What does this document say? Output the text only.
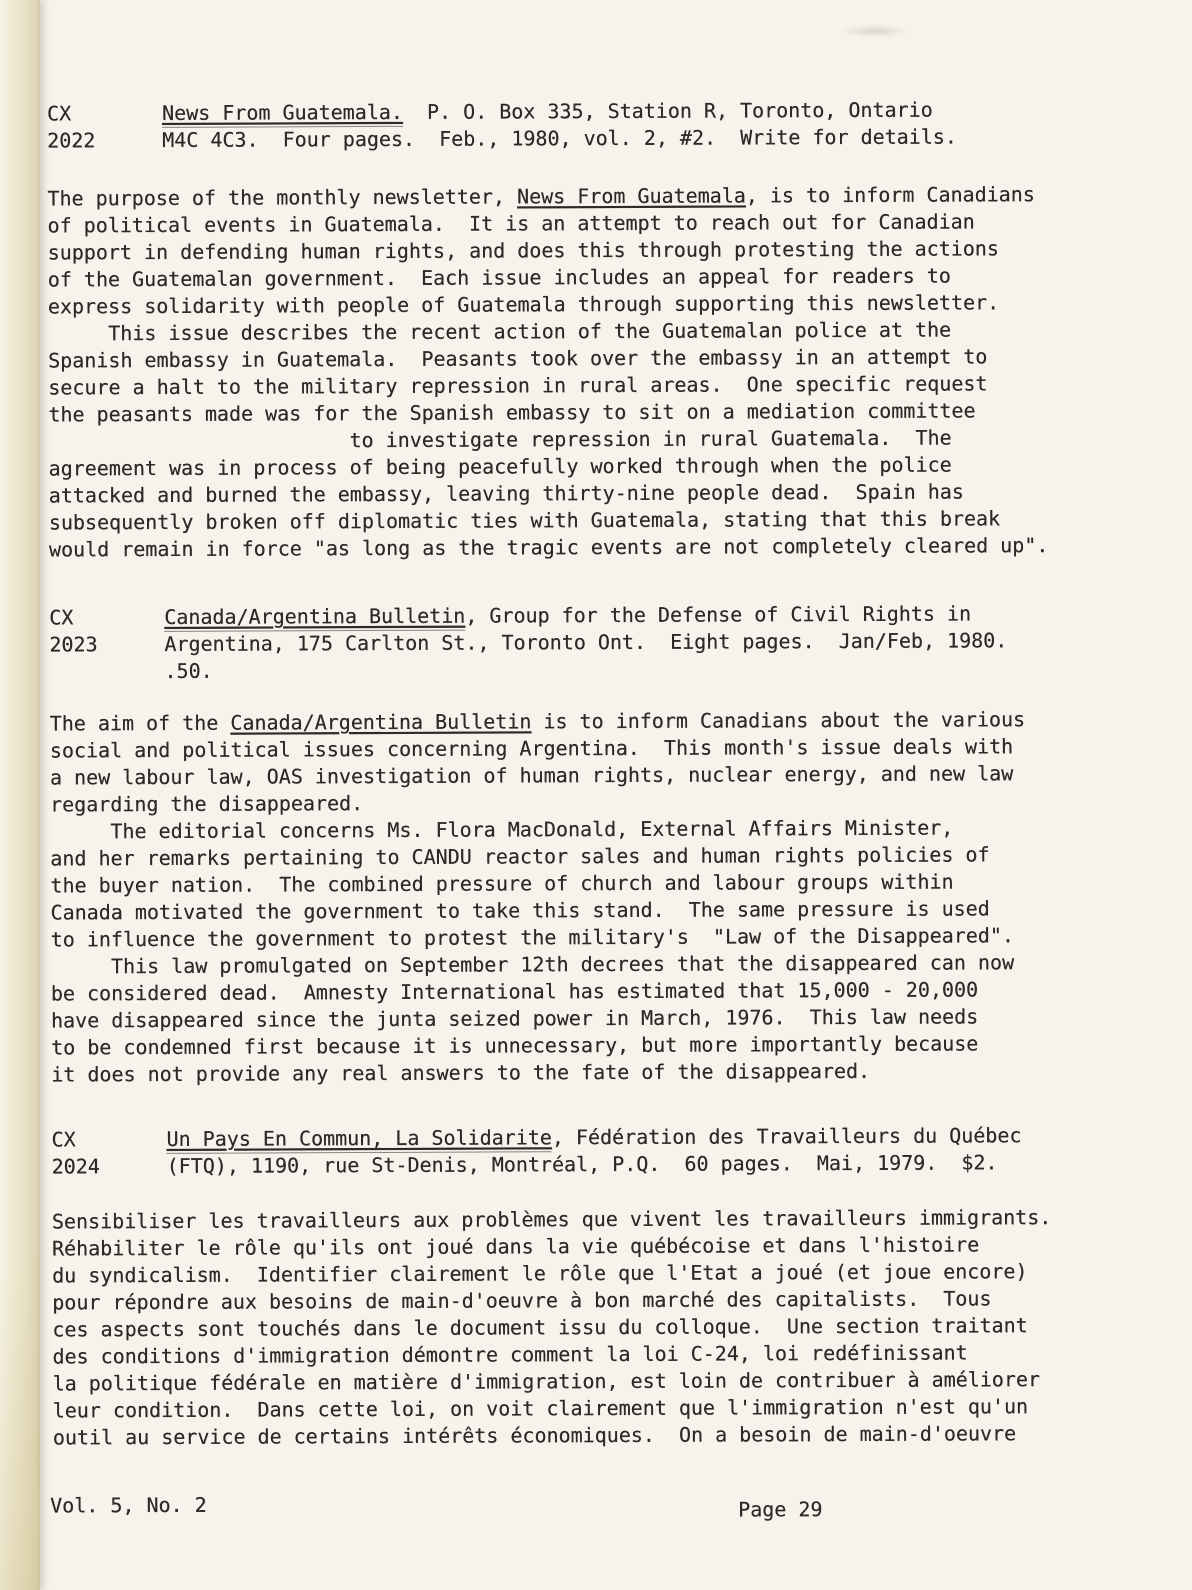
CX
2022
News From Guatemala.  P. O. Box 335, Station R, Toronto, Ontario
M4C 4C3.  Four pages.  Feb., 1980, vol. 2, #2.  Write for details.
The purpose of the monthly newsletter, News From Guatemala, is to inform Canadians
of political events in Guatemala.  It is an attempt to reach out for Canadian
support in defending human rights, and does this through protesting the actions
of the Guatemalan government.  Each issue includes an appeal for readers to
express solidarity with people of Guatemala through supporting this newsletter.
This issue describes the recent action of the Guatemalan police at the
Spanish embassy in Guatemala.  Peasants took over the embassy in an attempt to
secure a halt to the military repression in rural areas.  One specific request
the peasants made was for the Spanish embassy to sit on a mediation committee
to investigate repression in rural Guatemala.  The
agreement was in process of being peacefully worked through when the police
attacked and burned the embassy, leaving thirty-nine people dead.  Spain has
subsequently broken off diplomatic ties with Guatemala, stating that this break
would remain in force "as long as the tragic events are not completely cleared up".
CX
2023
Canada/Argentina Bulletin, Group for the Defense of Civil Rights in
Argentina, 175 Carlton St., Toronto Ont.  Eight pages.  Jan/Feb, 1980.
.50.
The aim of the Canada/Argentina Bulletin is to inform Canadians about the various
social and political issues concerning Argentina.  This month's issue deals with
a new labour law, OAS investigation of human rights, nuclear energy, and new law
regarding the disappeared.
The editorial concerns Ms. Flora MacDonald, External Affairs Minister,
and her remarks pertaining to CANDU reactor sales and human rights policies of
the buyer nation.  The combined pressure of church and labour groups within
Canada motivated the government to take this stand.  The same pressure is used
to influence the government to protest the military's  "Law of the Disappeared".
This law promulgated on September 12th decrees that the disappeared can now
be considered dead.  Amnesty International has estimated that 15,000 - 20,000
have disappeared since the junta seized power in March, 1976.  This law needs
to be condemned first because it is unnecessary, but more importantly because
it does not provide any real answers to the fate of the disappeared.
CX
2024
Un Pays En Commun, La Solidarite, Fédération des Travailleurs du Québec
(FTQ), 1190, rue St-Denis, Montréal, P.Q.  60 pages.  Mai, 1979.  $2.
Sensibiliser les travailleurs aux problèmes que vivent les travailleurs immigrants.
Réhabiliter le rôle qu'ils ont joué dans la vie québécoise et dans l'histoire
du syndicalism.  Identifier clairement le rôle que l'Etat a joué (et joue encore)
pour répondre aux besoins de main-d'oeuvre à bon marché des capitalists.  Tous
ces aspects sont touchés dans le document issu du colloque.  Une section traitant
des conditions d'immigration démontre comment la loi C-24, loi redéfinissant
la politique fédérale en matière d'immigration, est loin de contribuer à améliorer
leur condition.  Dans cette loi, on voit clairement que l'immigration n'est qu'un
outil au service de certains intérêts économiques.  On a besoin de main-d'oeuvre
Vol. 5, No. 2	Page 29
